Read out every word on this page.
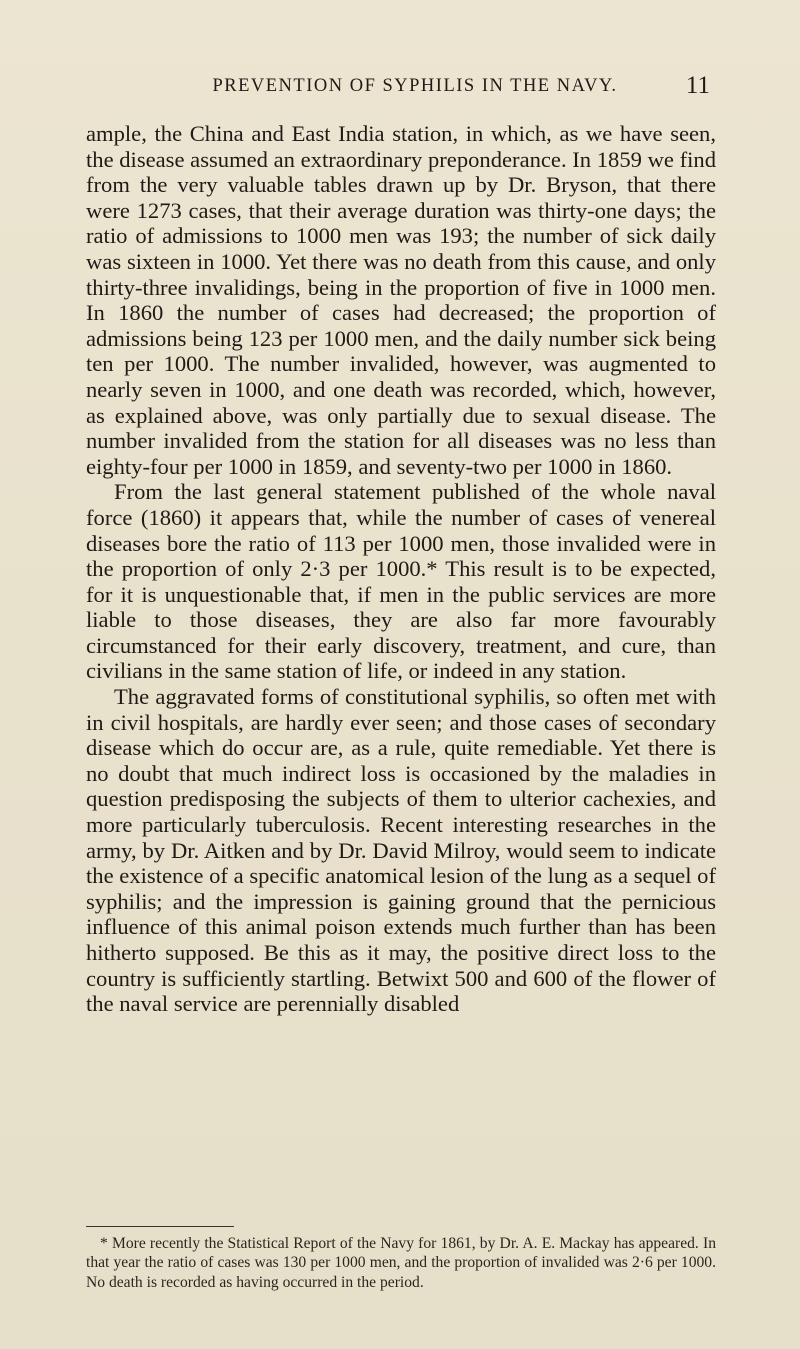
PREVENTION OF SYPHILIS IN THE NAVY.	11

ample, the China and East India station, in which, as we have seen, the disease assumed an extraordinary preponderance. In 1859 we find from the very valuable tables drawn up by Dr. Bryson, that there were 1273 cases, that their average duration was thirty-one days; the ratio of admissions to 1000 men was 193; the number of sick daily was sixteen in 1000. Yet there was no death from this cause, and only thirty-three invalidings, being in the proportion of five in 1000 men. In 1860 the number of cases had decreased; the proportion of admissions being 123 per 1000 men, and the daily number sick being ten per 1000. The number invalided, however, was augmented to nearly seven in 1000, and one death was recorded, which, however, as explained above, was only partially due to sexual disease. The number invalided from the station for all diseases was no less than eighty-four per 1000 in 1859, and seventy-two per 1000 in 1860.

From the last general statement published of the whole naval force (1860) it appears that, while the number of cases of venereal diseases bore the ratio of 113 per 1000 men, those invalided were in the proportion of only 2·3 per 1000.* This result is to be expected, for it is unquestionable that, if men in the public services are more liable to those diseases, they are also far more favourably circumstanced for their early discovery, treatment, and cure, than civilians in the same station of life, or indeed in any station.

The aggravated forms of constitutional syphilis, so often met with in civil hospitals, are hardly ever seen; and those cases of secondary disease which do occur are, as a rule, quite remediable. Yet there is no doubt that much indirect loss is occasioned by the maladies in question predisposing the subjects of them to ulterior cachexies, and more particularly tuberculosis. Recent interesting researches in the army, by Dr. Aitken and by Dr. David Milroy, would seem to indicate the existence of a specific anatomical lesion of the lung as a sequel of syphilis; and the impression is gaining ground that the pernicious influence of this animal poison extends much further than has been hitherto supposed. Be this as it may, the positive direct loss to the country is sufficiently startling. Betwixt 500 and 600 of the flower of the naval service are perennially disabled

* More recently the Statistical Report of the Navy for 1861, by Dr. A. E. Mackay has appeared. In that year the ratio of cases was 130 per 1000 men, and the proportion of invalided was 2·6 per 1000. No death is recorded as having occurred in the period.
